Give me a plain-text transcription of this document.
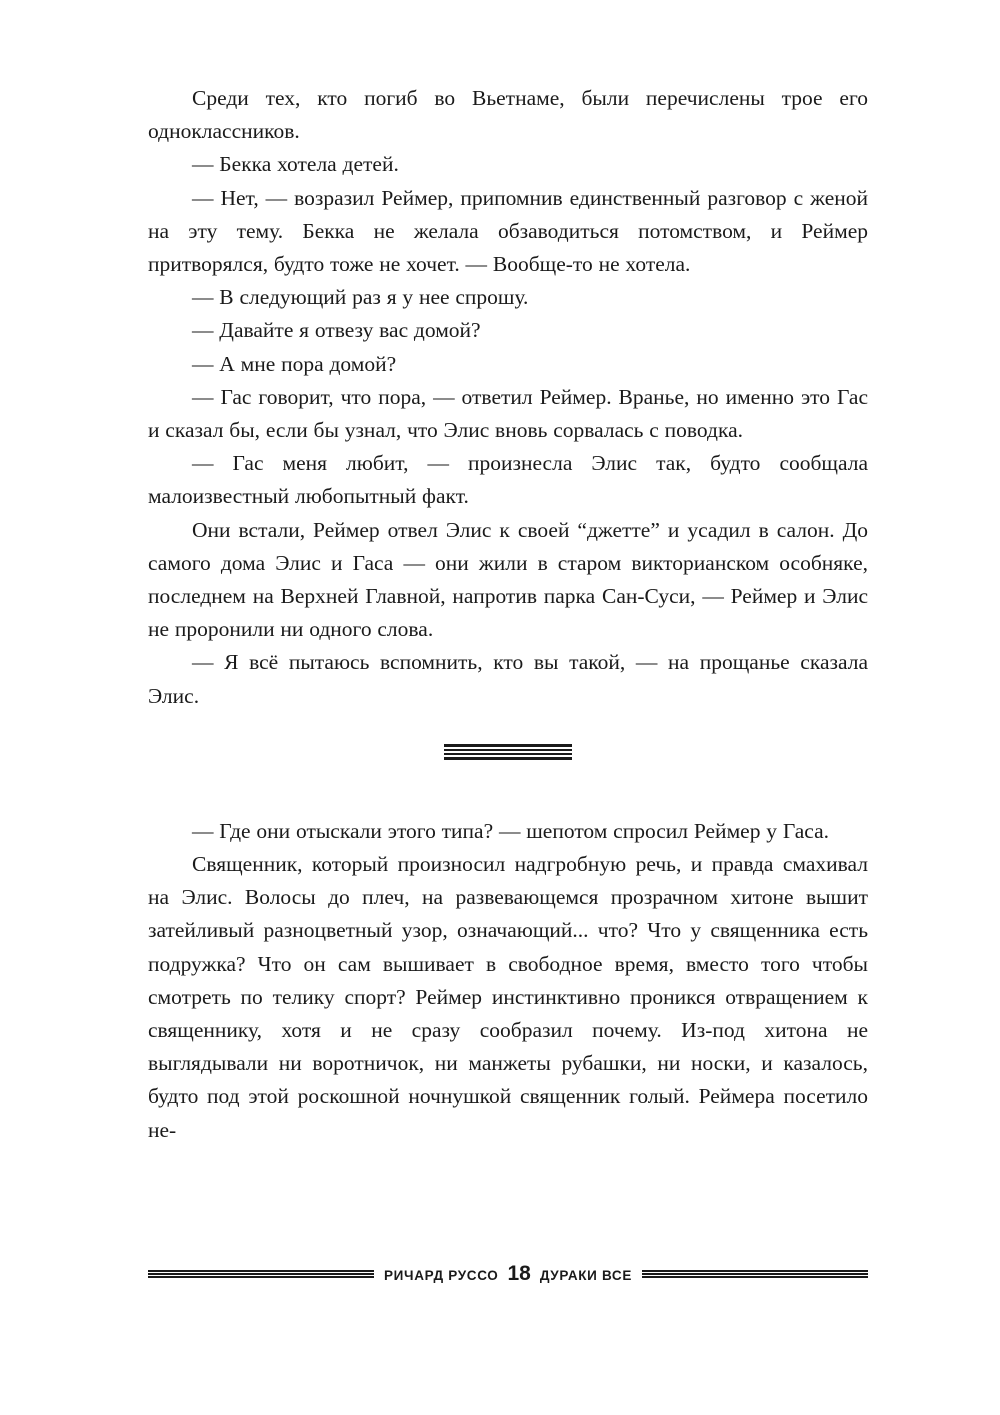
Среди тех, кто погиб во Вьетнаме, были перечислены трое его одноклассников.

— Бекка хотела детей.

— Нет, — возразил Реймер, припомнив единственный разговор с женой на эту тему. Бекка не желала обзаводиться потомством, и Реймер притворялся, будто тоже не хочет. — Вообще-то не хотела.

— В следующий раз я у нее спрошу.

— Давайте я отвезу вас домой?

— А мне пора домой?

— Гас говорит, что пора, — ответил Реймер. Вранье, но именно это Гас и сказал бы, если бы узнал, что Элис вновь сорвалась с поводка.

— Гас меня любит, — произнесла Элис так, будто сообщала малоизвестный любопытный факт.

Они встали, Реймер отвел Элис к своей “джетте” и усадил в салон. До самого дома Элис и Гаса — они жили в старом викторианском особняке, последнем на Верхней Главной, напротив парка Сан-Суси, — Реймер и Элис не проронили ни одного слова.

— Я всё пытаюсь вспомнить, кто вы такой, — на прощанье сказала Элис.

— Где они отыскали этого типа? — шепотом спросил Реймер у Гаса.

Священник, который произносил надгробную речь, и правда смахивал на Элис. Волосы до плеч, на развевающемся прозрачном хитоне вышит затейливый разноцветный узор, означающий... что? Что у священника есть подружка? Что он сам вышивает в свободное время, вместо того чтобы смотреть по телику спорт? Реймер инстинктивно проникся отвращением к священнику, хотя и не сразу сообразил почему. Из-под хитона не выглядывали ни воротничок, ни манжеты рубашки, ни носки, и казалось, будто под этой роскошной ночнушкой священник голый. Реймера посетило не-

РИЧАРД РУССО 18 ДУРАКИ ВСЕ
